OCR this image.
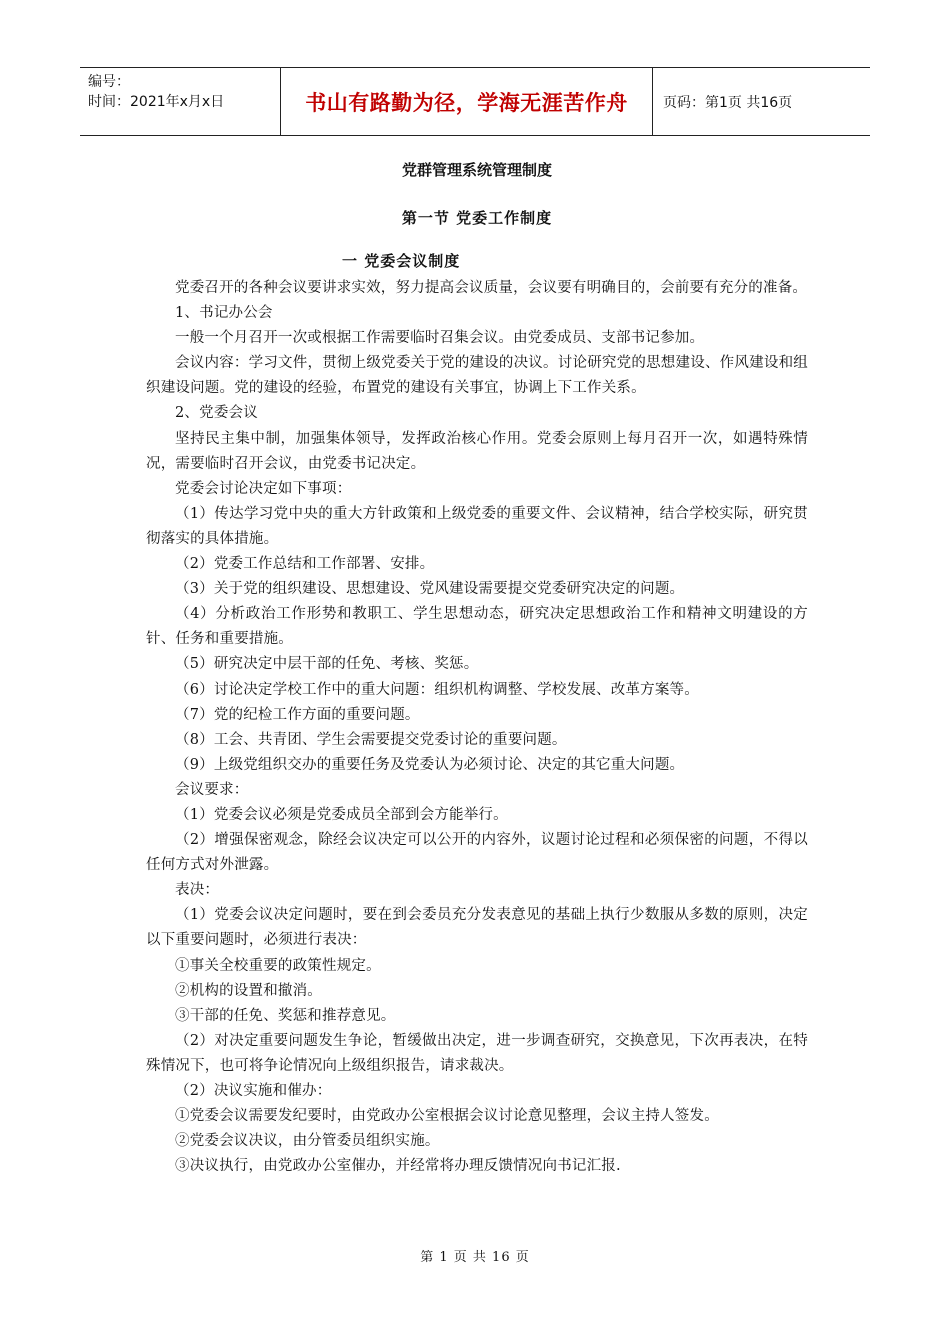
编号：
时间：2021年x月x日	书山有路勤为径，学海无涯苦作舟	页码：第1页 共16页
党群管理系统管理制度
第一节 党委工作制度
一 党委会议制度

党委召开的各种会议要讲求实效，努力提高会议质量，会议要有明确目的，会前要有充分的准备。

1、书记办公会

一般一个月召开一次或根据工作需要临时召集会议。由党委成员、支部书记参加。

会议内容：学习文件，贯彻上级党委关于党的建设的决议。讨论研究党的思想建设、作风建设和组织建设问题。党的建设的经验，布置党的建设有关事宜，协调上下工作关系。

2、党委会议

坚持民主集中制，加强集体领导，发挥政治核心作用。党委会原则上每月召开一次，如遇特殊情况，需要临时召开会议，由党委书记决定。

党委会讨论决定如下事项：

（1）传达学习党中央的重大方针政策和上级党委的重要文件、会议精神，结合学校实际，研究贯彻落实的具体措施。

（2）党委工作总结和工作部署、安排。

（3）关于党的组织建设、思想建设、党风建设需要提交党委研究决定的问题。

（4）分析政治工作形势和教职工、学生思想动态，研究决定思想政治工作和精神文明建设的方针、任务和重要措施。

（5）研究决定中层干部的任免、考核、奖惩。

（6）讨论决定学校工作中的重大问题：组织机构调整、学校发展、改革方案等。

（7）党的纪检工作方面的重要问题。

（8）工会、共青团、学生会需要提交党委讨论的重要问题。

（9）上级党组织交办的重要任务及党委认为必须讨论、决定的其它重大问题。

会议要求：

（1）党委会议必须是党委成员全部到会方能举行。

（2）增强保密观念，除经会议决定可以公开的内容外，议题讨论过程和必须保密的问题，不得以任何方式对外泄露。

表决：

（1）党委会议决定问题时，要在到会委员充分发表意见的基础上执行少数服从多数的原则，决定以下重要问题时，必须进行表决：

①事关全校重要的政策性规定。

②机构的设置和撤消。

③干部的任免、奖惩和推荐意见。

（2）对决定重要问题发生争论，暂缓做出决定，进一步调查研究，交换意见，下次再表决，在特殊情况下，也可将争论情况向上级组织报告，请求裁决。

（2）决议实施和催办：

①党委会议需要发纪要时，由党政办公室根据会议讨论意见整理，会议主持人签发。

②党委会议决议，由分管委员组织实施。

③决议执行，由党政办公室催办，并经常将办理反馈情况向书记汇报.

第 1 页 共 16 页
